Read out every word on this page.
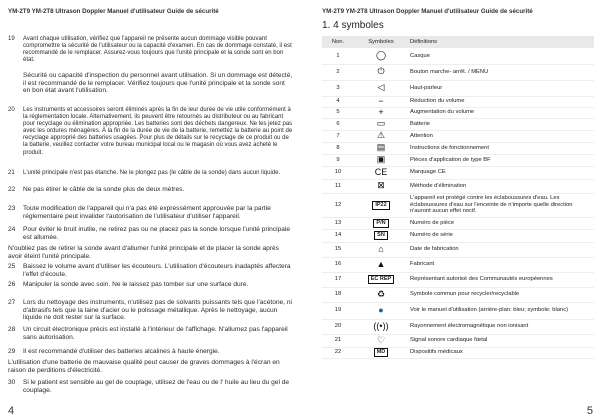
YM-2T9 YM-2T8 Ultrason Doppler Manuel d'utilisateur Guide de sécurité
19 Avant chaque utilisation, vérifiez que l'appareil ne présente aucun dommage visible pouvant compromettre la sécurité de l'utilisateur ou la capacité d'examen. En cas de dommage constaté, il est recommandé de le remplacer. Assurez-vous toujours que l'unité principale et la sonde sont en bon état.
Sécurité ou capacité d'inspection du personnel avant utilisation. Si un dommage est détecté, il est recommandé de le remplacer. Vérifiez toujours que l'unité principale et la sonde sont en bon état avant l'utilisation.
20 Les instruments et accessoires seront éliminés après la fin de leur durée de vie utile conformément à la réglementation locale. Alternativement, ils peuvent être retournés au distributeur ou au fabricant pour recyclage ou élimination appropriée. Les batteries sont des déchets dangereux. Ne les jetez pas avec les ordures ménagères. À la fin de la durée de vie de la batterie, remettez la batterie au point de recyclage approprié des batteries usagées. Pour plus de détails sur le recyclage de ce produit ou de la batterie, veuillez contacter votre bureau municipal local ou le magasin où vous avez acheté le produit.
21 L'unité principale n'est pas étanche. Ne le plongez pas (le câble de la sonde) dans aucun liquide.
22 Ne pas étirer le câble de la sonde plus de deux mètres.
23 Toute modification de l'appareil qui n'a pas été expressément approuvée par la partie réglementaire peut invalider l'autorisation de l'utilisateur d'utiliser l'appareil.
24 Pour éviter le bruit inutile, ne retirez pas ou ne placez pas la sonde lorsque l'unité principale est allumée.
N'oubliez pas de retirer la sonde avant d'allumer l'unité principale et de placer la sonde après avoir éteint l'unité principale.
25 Baissez le volume avant d'utiliser les écouteurs. L'utilisation d'écouteurs inadaptés affectera l'effet d'écoute.
26 Manipuler la sonde avec soin. Ne le laissez pas tomber sur une surface dure.
27 Lors du nettoyage des instruments, n'utilisez pas de solvants puissants tels que l'acétone, ni d'abrasifs tels que la laine d'acier ou le polissage métallique. Après le nettoyage, aucun liquide ne doit rester sur la surface.
28 Un circuit électronique précis est installé à l'intérieur de l'affichage. N'allumez pas l'appareil sans autorisation.
29 Il est recommandé d'utiliser des batteries alcalines à haute énergie.
L'utilisation d'une batterie de mauvaise qualité peut causer de graves dommages à l'écran en raison de perditions d'électricité.
30 Si le patient est sensible au gel de couplage, utilisez de l'eau ou de l' huile au lieu du gel de couplage.
4
YM-2T9 YM-2T8 Ultrason Doppler Manuel d'utilisateur Guide de sécurité
1. 4 symboles
Non.	Symboles	Définitions
1	◯	Casque
2	⏻	Bouton marche- arrêt. / MENU
3	◁	Haut-parleur
4	−	Réduction du volume
5	+	Augmentation du volume
6	▭	Batterie
7	⚠	Attention
8	▤	Instructions de fonctionnement
9	▣	Pièces d'application de type BF
10	CE	Marquage CE
11	⊠	Méthode d'élimination
12	IP22	L'appareil est protégé contre les éclaboussures d'eau. Les éclaboussures d'eau sur l'enceinte de n'importe quelle direction n'auront aucun effet nocif.
13	P/N	Numéro de pièce
14	SN	Numéro de série
15	⌂	Date de fabrication
16	▲	Fabricant
17	EC REP	Représentant autorisé des Communautés européennes
18	♻	Symbole commun pour recycler/recyclable
19	●	Voir le manuel d'utilisation (arrière-plan: bleu; symbole: blanc)
20	((•))	Rayonnement électromagnétique non ionisant
21	♡	Signal sonore cardiaque fœtal
22	MD	Dispositifs médicaux
5
